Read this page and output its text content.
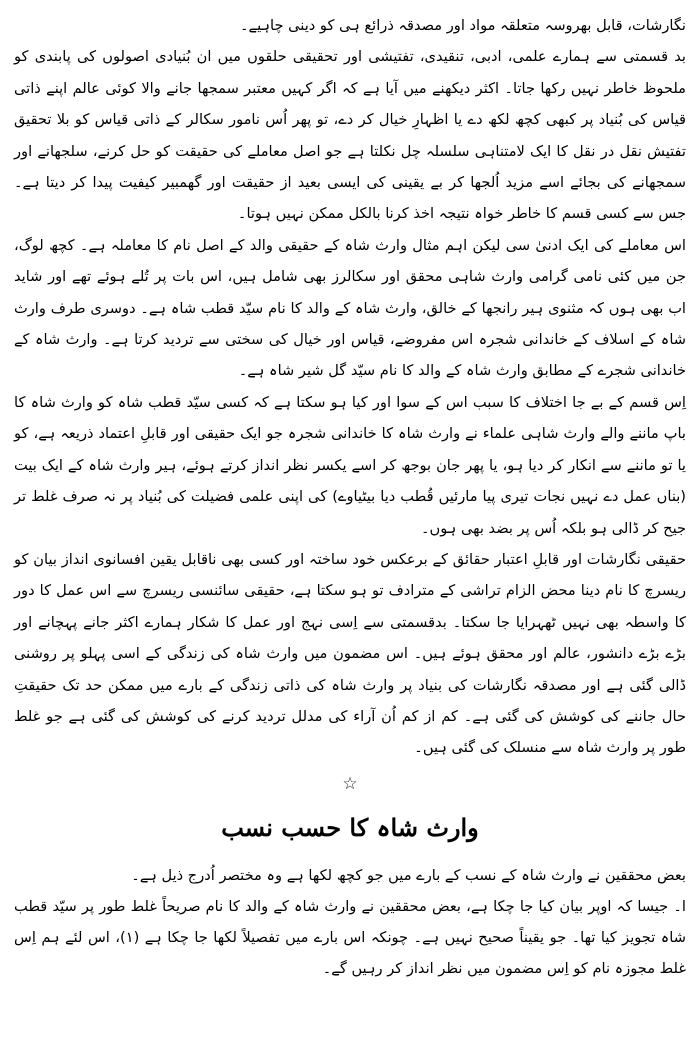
نگارشات، قابل بھروسہ متعلقہ مواد اور مصدقہ ذرائع ہی کو دینی چاہیے۔

بد قسمتی سے ہمارے علمی، ادبی، تنقیدی، تفتیشی اور تحقیقی حلقوں میں ان بُنیادی اصولوں کی پابندی کو ملحوظ خاطر نہیں رکھا جاتا۔ اکثر دیکھنے میں آیا ہے کہ اگر کہیں معتبر سمجھا جانے والا کوئی عالم اپنے ذاتی قیاس کی بُنیاد پر کبھی کچھ لکھ دے یا اظہارِ خیال کر دے، تو پھر اُس نامور سکالر کے ذاتی قیاس کو بلا تحقیق تفتیش نقل در نقل کا ایک لامتناہی سلسلہ چل نکلتا ہے جو اصل معاملے کی حقیقت کو حل کرنے، سلجھانے اور سمجھانے کی بجائے اسے مزید اُلجھا کر بے یقینی کی ایسی بعید از حقیقت اور گھمبیر کیفیت پیدا کر دیتا ہے۔ جس سے کسی قسم کا خاطر خواہ نتیجہ اخذ کرنا بالکل ممکن نہیں ہوتا۔

اس معاملے کی ایک ادنیٰ سی لیکن اہم مثال وارث شاہ کے حقیقی والد کے اصل نام کا معاملہ ہے۔ کچھ لوگ، جن میں کئی نامی گرامی وارث شاہی محقق اور سکالرز بھی شامل ہیں، اس بات پر تُلے ہوئے تھے اور شاید اب بھی ہوں کہ مثنوی ہیر رانجھا کے خالق، وارث شاہ کے والد کا نام سیّد قطب شاہ ہے۔ دوسری طرف وارث شاہ کے اسلاف کے خاندانی شجرہ اس مفروضے، قیاس اور خیال کی سختی سے تردید کرتا ہے۔ وارث شاہ کے خاندانی شجرے کے مطابق وارث شاہ کے والد کا نام سیّد گل شیر شاہ ہے۔

اِس قسم کے بے جا اختلاف کا سبب اس کے سوا اور کیا ہو سکتا ہے کہ کسی سیّد قطب شاہ کو وارث شاہ کا باپ ماننے والے وارث شاہی علماء نے وارث شاہ کا خاندانی شجرہ جو ایک حقیقی اور قابلِ اعتماد ذریعہ ہے، کو یا تو ماننے سے انکار کر دیا ہو، یا پھر جان بوجھ کر اسے یکسر نظر انداز کرتے ہوئے، ہیر وارث شاہ کے ایک بیت (بناں عمل دے نہیں نجات تیری پیا مارئیں قُطب دیا بیٹیاوے) کی اپنی علمی فضیلت کی بُنیاد پر نہ صرف غلط تر جیح کر ڈالی ہو بلکہ اُس پر بضد بھی ہوں۔

حقیقی نگارشات اور قابلِ اعتبار حقائق کے برعکس خود ساختہ اور کسی بھی ناقابل یقین افسانوی انداز بیان کو ریسرچ کا نام دینا محض الزام تراشی کے مترادف تو ہو سکتا ہے، حقیقی سائنسی ریسرچ سے اس عمل کا دور کا واسطہ بھی نہیں ٹھہرایا جا سکتا۔ بدقسمتی سے اِسی نہج اور عمل کا شکار ہمارے اکثر جانے پہچانے اور بڑے بڑے دانشور، عالم اور محقق ہوئے ہیں۔ اس مضمون میں وارث شاہ کی زندگی کے اسی پہلو پر روشنی ڈالی گئی ہے اور مصدقہ نگارشات کی بنیاد پر وارث شاہ کی ذاتی زندگی کے بارے میں ممکن حد تک حقیقتِ حال جاننے کی کوشش کی گئی ہے۔ کم از کم اُن آراء کی مدلل تردید کرنے کی کوشش کی گئی ہے جو غلط طور پر وارث شاہ سے منسلک کی گئی ہیں۔

☆
وارث شاہ کا حسب نسب

بعض محققین نے وارث شاہ کے نسب کے بارے میں جو کچھ لکھا ہے وہ مختصر اُدرج ذیل ہے۔

ا۔ جیسا کہ اوپر بیان کیا جا چکا ہے، بعض محققین نے وارث شاہ کے والد کا نام صریحاً غلط طور پر سیّد قطب شاہ تجویز کیا تھا۔ جو یقیناً صحیح نہیں ہے۔ چونکہ اس بارے میں تفصیلاً لکھا جا چکا ہے (۱)، اس لئے ہم اِس غلط مجوزہ نام کو اِس مضمون میں نظر انداز کر رہیں گے۔
